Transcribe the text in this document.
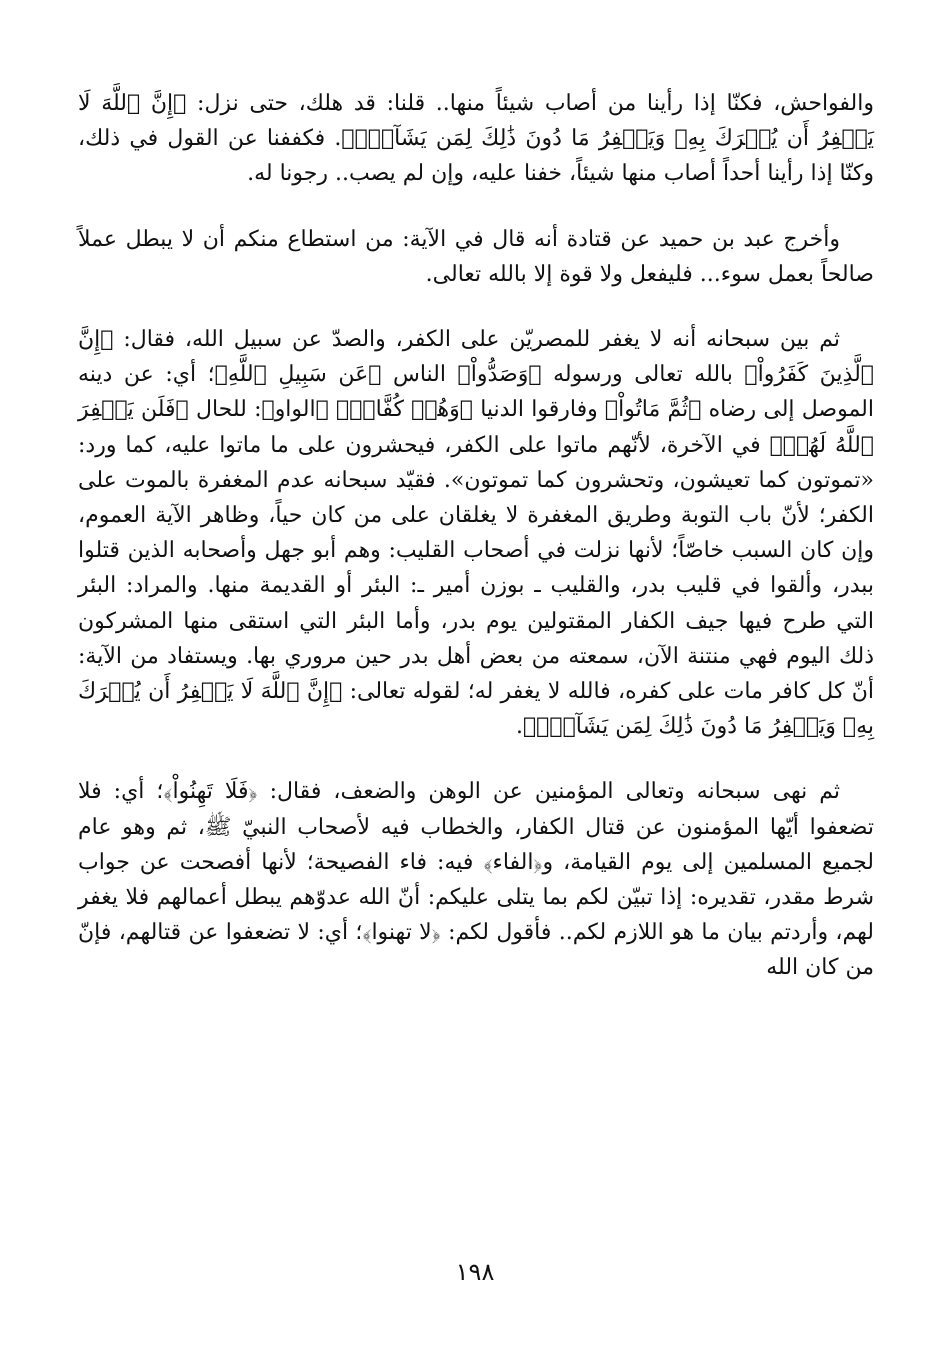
والفواحش، فكنّا إذا رأينا من أصاب شيئاً منها.. قلنا: قد هلك، حتى نزل: ﴿إِنَّ ٱللَّهَ لَا يَغۡفِرُ أَن يُشۡرَكَ بِهِۦ وَيَغۡفِرُ مَا دُونَ ذَٰلِكَ لِمَن يَشَآءُۚ﴾. فكففنا عن القول في ذلك، وكنّا إذا رأينا أحداً أصاب منها شيئاً، خفنا عليه، وإن لم يصب.. رجونا له.

وأخرج عبد بن حميد عن قتادة أنه قال في الآية: من استطاع منكم أن لا يبطل عملاً صالحاً بعمل سوء... فليفعل ولا قوة إلا بالله تعالى.

ثم بين سبحانه أنه لا يغفر للمصريّن على الكفر، والصدّ عن سبيل الله، فقال: ﴿إِنَّ ٱلَّذِينَ كَفَرُواْ﴾ بالله تعالى ورسوله ﴿وَصَدُّواْ﴾ الناس ﴿عَن سَبِيلِ ٱللَّهِ﴾؛ أي: عن دينه الموصل إلى رضاه ﴿ثُمَّ مَاتُواْ﴾ وفارقوا الدنيا ﴿وَهُمۡ كُفَّارٞ﴾ ﴿الواو﴾: للحال ﴿فَلَن يَغۡفِرَ ٱللَّهُ لَهُمۡ﴾ في الآخرة، لأنّهم ماتوا على الكفر، فيحشرون على ما ماتوا عليه، كما ورد: «تموتون كما تعيشون، وتحشرون كما تموتون». فقيّد سبحانه عدم المغفرة بالموت على الكفر؛ لأنّ باب التوبة وطريق المغفرة لا يغلقان على من كان حياً، وظاهر الآية العموم، وإن كان السبب خاصّاً؛ لأنها نزلت في أصحاب القليب: وهم أبو جهل وأصحابه الذين قتلوا ببدر، وألقوا في قليب بدر، والقليب ـ بوزن أمير ـ: البئر أو القديمة منها. والمراد: البئر التي طرح فيها جيف الكفار المقتولين يوم بدر، وأما البئر التي استقى منها المشركون ذلك اليوم فهي منتنة الآن، سمعته من بعض أهل بدر حين مروري بها. ويستفاد من الآية: أنّ كل كافر مات على كفره، فالله لا يغفر له؛ لقوله تعالى: ﴿إِنَّ ٱللَّهَ لَا يَغۡفِرُ أَن يُشۡرَكَ بِهِۦ وَيَغۡفِرُ مَا دُونَ ذَٰلِكَ لِمَن يَشَآءُۚ﴾.

ثم نهى سبحانه وتعالى المؤمنين عن الوهن والضعف، فقال: ﴿فَلَا تَهِنُواْ﴾؛ أي: فلا تضعفوا أيّها المؤمنون عن قتال الكفار، والخطاب فيه لأصحاب النبيّ ﷺ، ثم وهو عام لجميع المسلمين إلى يوم القيامة، و﴿الفاء﴾ فيه: فاء الفصيحة؛ لأنها أفصحت عن جواب شرط مقدر، تقديره: إذا تبيّن لكم بما يتلى عليكم: أنّ الله عدوّهم يبطل أعمالهم فلا يغفر لهم، وأردتم بيان ما هو اللازم لكم.. فأقول لكم: ﴿لا تهنوا﴾؛ أي: لا تضعفوا عن قتالهم، فإنّ من كان الله

١٩٨
